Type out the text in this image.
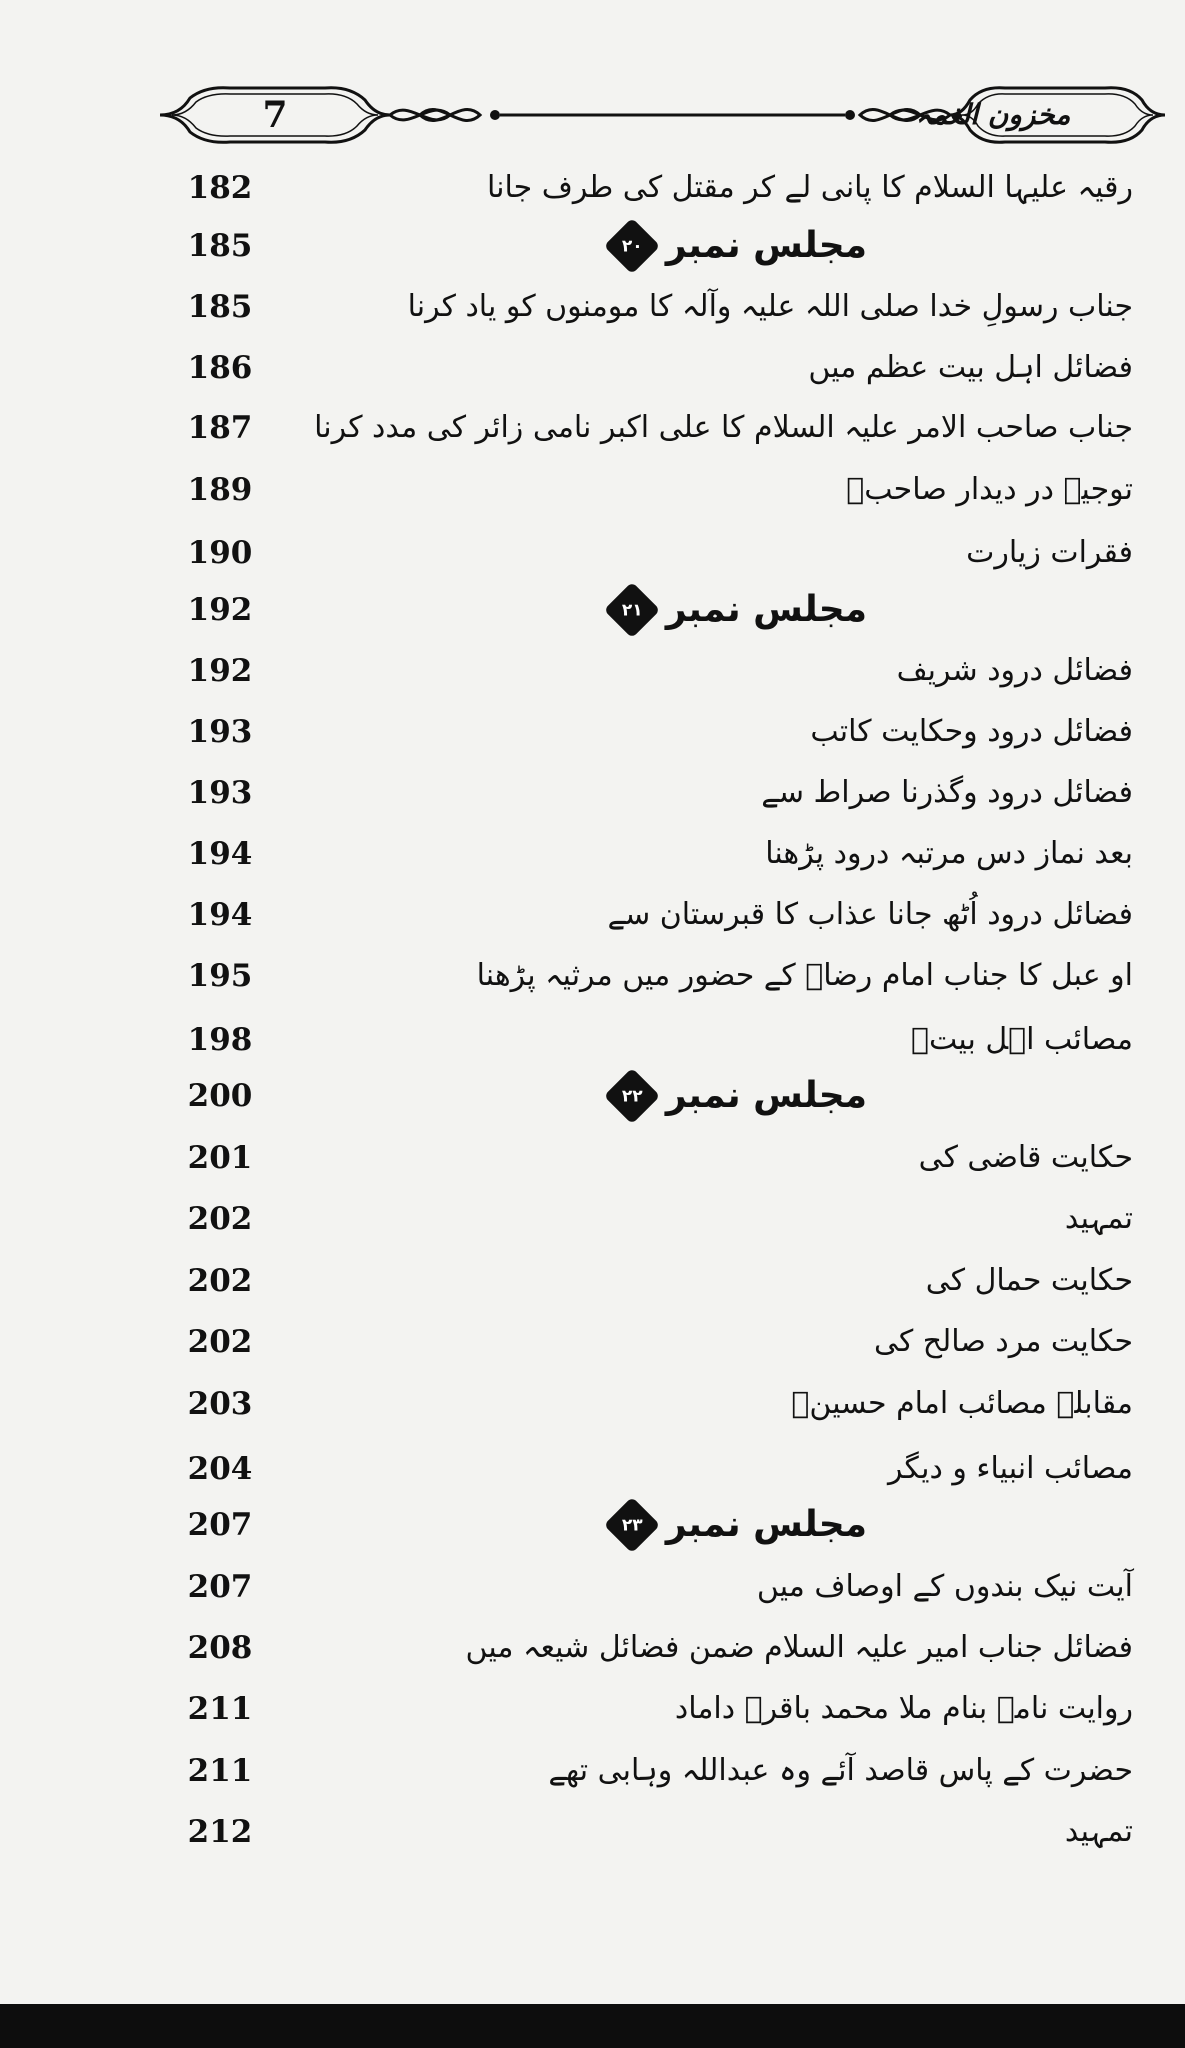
7	مخزون الغمہ
182	رقیہ علیہا السلام کا پانی لے کر مقتل کی طرف جانا
185	مجلس نمبر
۲۰
185	جناب رسولِ خدا صلی اللہ علیہ وآلہ کا مومنوں کو یاد کرنا
186	فضائل اہل بیت عظم میں
187	جناب صاحب الامر علیہ السلام کا علی اکبر نامی زائر کی مدد کرنا
189	توجیہ در دیدار صاحبؑ
190	فقرات زیارت
192	مجلس نمبر
۲۱
192	فضائل درود شریف
193	فضائل درود وحکایت کاتب
193	فضائل درود وگذرنا صراط سے
194	بعد نماز دس مرتبہ درود پڑھنا
194	فضائل درود اُٹھ جانا عذاب کا قبرستان سے
195	او عبل کا جناب امام رضاؑ کے حضور میں مرثیہ پڑھنا
198	مصائب اہل بیتؑ
200	مجلس نمبر
۲۲
201	حکایت قاضی کی
202	تمہید
202	حکایت حمال کی
202	حکایت مرد صالح کی
203	مقابلہ مصائب امام حسینؑ
204	مصائب انبیاء و دیگر
207	مجلس نمبر
۲۳
207	آیت نیک بندوں کے اوصاف میں
208	فضائل جناب امیر علیہ السلام ضمن فضائل شیعہ میں
211	روایت نامہ بنام ملا محمد باقرؑ داماد
211	حضرت کے پاس قاصد آئے وہ عبداللہ وہابی تھے
212	تمہید
